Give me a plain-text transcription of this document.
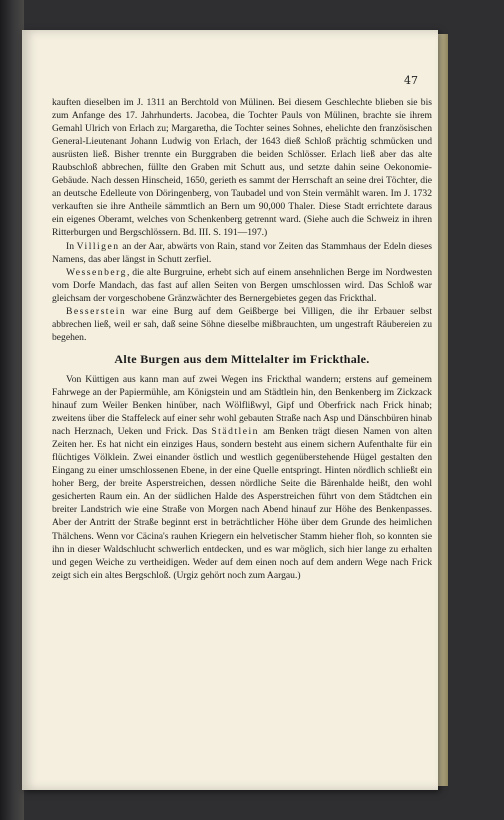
47

kauften dieselben im J. 1311 an Berchtold von Mülinen. Bei diesem Geschlechte blieben sie bis zum Anfange des 17. Jahrhunderts. Jacobea, die Tochter Pauls von Mülinen, brachte sie ihrem Gemahl Ulrich von Erlach zu; Margaretha, die Tochter seines Sohnes, ehelichte den französischen General-Lieutenant Johann Ludwig von Erlach, der 1643 dieß Schloß prächtig schmücken und ausrüsten ließ. Bisher trennte ein Burggraben die beiden Schlösser. Erlach ließ aber das alte Raubschloß abbrechen, füllte den Graben mit Schutt aus, und setzte dahin seine Oekonomie-Gebäude. Nach dessen Hinscheid, 1650, gerieth es sammt der Herrschaft an seine drei Töchter, die an deutsche Edelleute von Döringenberg, von Taubadel und von Stein vermählt waren. Im J. 1732 verkauften sie ihre Antheile sämmtlich an Bern um 90,000 Thaler. Diese Stadt errichtete daraus ein eigenes Oberamt, welches von Schenkenberg getrennt ward. (Siehe auch die Schweiz in ihren Ritterburgen und Bergschlössern. Bd. III. S. 191—197.)

In Villigen an der Aar, abwärts von Rain, stand vor Zeiten das Stammhaus der Edeln dieses Namens, das aber längst in Schutt zerfiel.

Wessenberg, die alte Burgruine, erhebt sich auf einem ansehnlichen Berge im Nordwesten vom Dorfe Mandach, das fast auf allen Seiten von Bergen umschlossen wird. Das Schloß war gleichsam der vorgeschobene Gränzwächter des Bernergebietes gegen das Frickthal.

Besserstein war eine Burg auf dem Geißberge bei Villigen, die ihr Erbauer selbst abbrechen ließ, weil er sah, daß seine Söhne dieselbe mißbrauchten, um ungestraft Räubereien zu begehen.

Alte Burgen aus dem Mittelalter im Frickthale.

Von Küttigen aus kann man auf zwei Wegen ins Frickthal wandern; erstens auf gemeinem Fahrwege an der Papiermühle, am Königstein und am Städtlein hin, den Benkenberg im Zickzack hinauf zum Weiler Benken hinüber, nach Wölflißwyl, Gipf und Oberfrick nach Frick hinab; zweitens über die Staffeleck auf einer sehr wohl gebauten Straße nach Asp und Dänschbüren hinab nach Herznach, Ueken und Frick. Das Städtlein am Benken trägt diesen Namen von alten Zeiten her. Es hat nicht ein einziges Haus, sondern besteht aus einem sichern Aufenthalte für ein flüchtiges Völklein. Zwei einander östlich und westlich gegenüberstehende Hügel gestalten den Eingang zu einer umschlossenen Ebene, in der eine Quelle entspringt. Hinten nördlich schließt ein hoher Berg, der breite Asperstreichen, dessen nördliche Seite die Bärenhalde heißt, den wohl gesicherten Raum ein. An der südlichen Halde des Asperstreichen führt von dem Städtchen ein breiter Landstrich wie eine Straße von Morgen nach Abend hinauf zur Höhe des Benkenpasses. Aber der Antritt der Straße beginnt erst in beträchtlicher Höhe über dem Grunde des heimlichen Thälchens. Wenn vor Cäcina's rauhen Kriegern ein helvetischer Stamm hieher floh, so konnten sie ihn in dieser Waldschlucht schwerlich entdecken, und es war möglich, sich hier lange zu erhalten und gegen Weiche zu vertheidigen. Weder auf dem einen noch auf dem andern Wege nach Frick zeigt sich ein altes Bergschloß. (Urgiz gehört noch zum Aargau.)
